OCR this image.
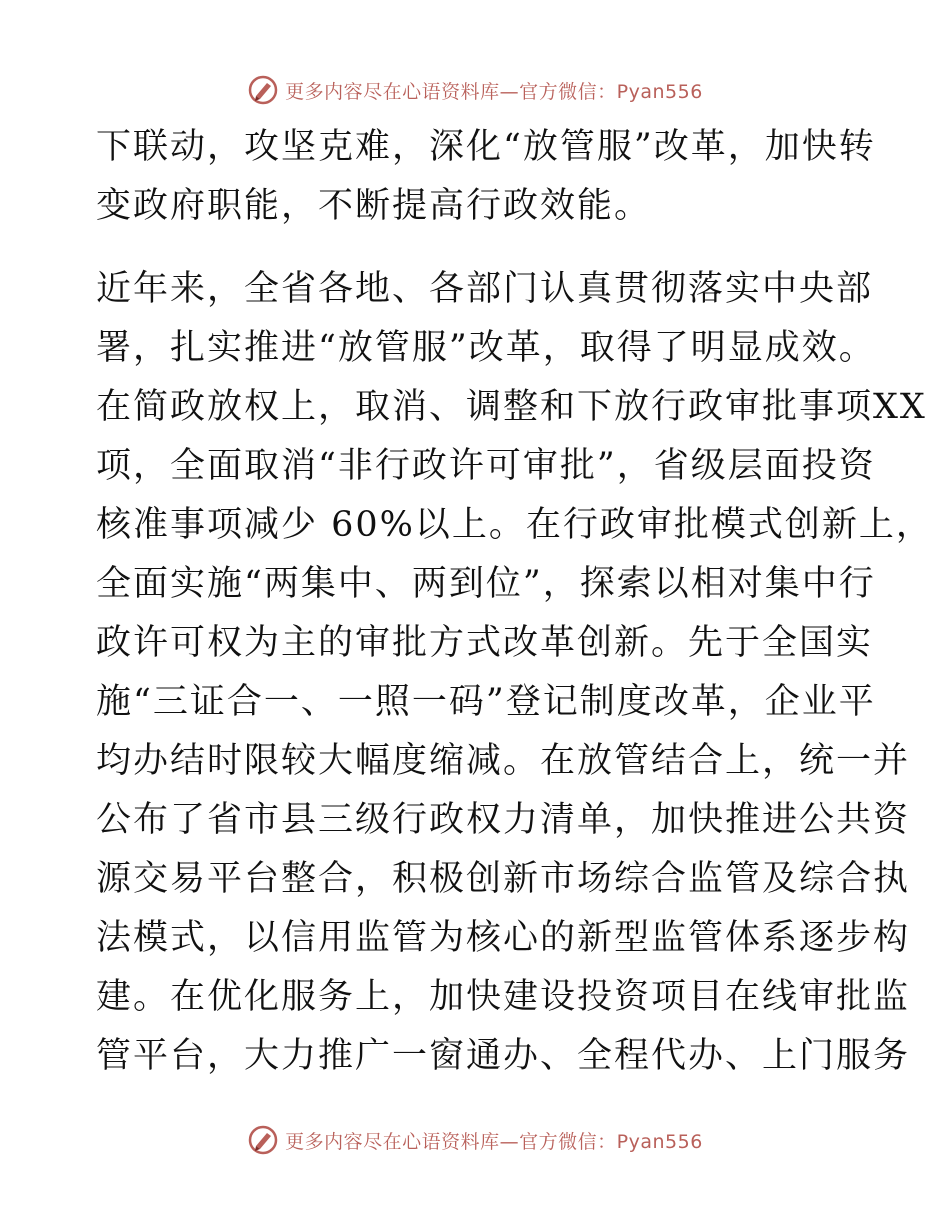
更多内容尽在心语资料库—官方微信：Pyan556

下联动，攻坚克难，深化“放管服”改革，加快转
变政府职能，不断提高行政效能。

近年来，全省各地、各部门认真贯彻落实中央部
署，扎实推进“放管服”改革，取得了明显成效。
在简政放权上，取消、调整和下放行政审批事项XX
项，全面取消“非行政许可审批”，省级层面投资
核准事项减少 60%以上。在行政审批模式创新上，
全面实施“两集中、两到位”，探索以相对集中行
政许可权为主的审批方式改革创新。先于全国实
施“三证合一、一照一码”登记制度改革，企业平
均办结时限较大幅度缩减。在放管结合上，统一并
公布了省市县三级行政权力清单，加快推进公共资
源交易平台整合，积极创新市场综合监管及综合执
法模式，以信用监管为核心的新型监管体系逐步构
建。在优化服务上，加快建设投资项目在线审批监
管平台，大力推广一窗通办、全程代办、上门服务

更多内容尽在心语资料库—官方微信：Pyan556
